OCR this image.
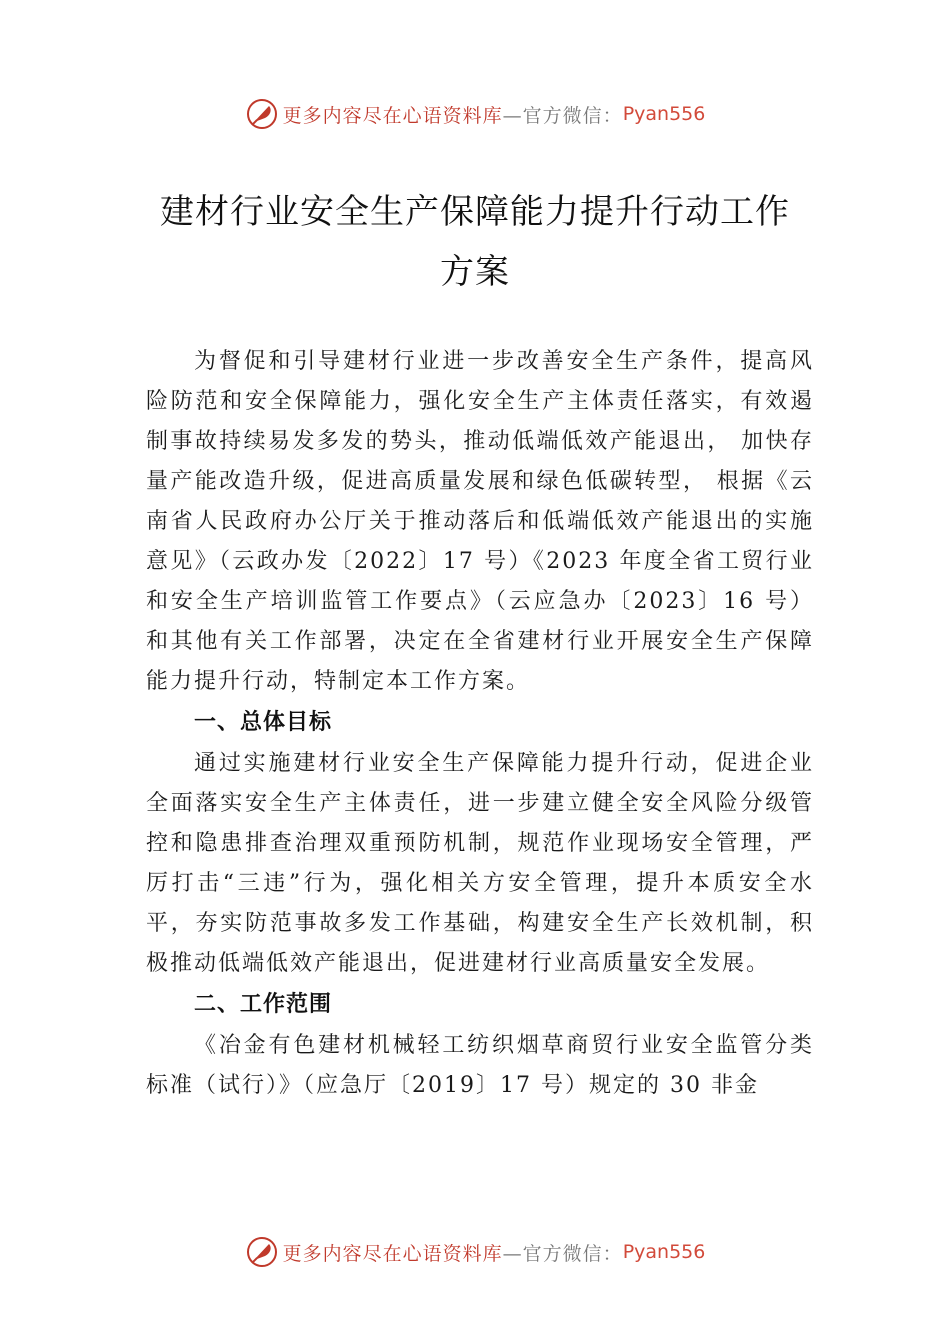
更多内容尽在心语资料库 —官方微信： Pyan556
建材行业安全生产保障能力提升行动工作
方案

为督促和引导建材行业进一步改善安全生产条件，提高风险防范和安全保障能力，强化安全生产主体责任落实，有效遏制事故持续易发多发的势头，推动低端低效产能退出， 加快存量产能改造升级，促进高质量发展和绿色低碳转型， 根据《云南省人民政府办公厅关于推动落后和低端低效产能退出的实施意见》（云政办发〔2022〕17 号）《2023 年度全省工贸行业和安全生产培训监管工作要点》（云应急办〔2023〕16 号）和其他有关工作部署，决定在全省建材行业开展安全生产保障能力提升行动，特制定本工作方案。

一、总体目标

通过实施建材行业安全生产保障能力提升行动，促进企业全面落实安全生产主体责任，进一步建立健全安全风险分级管控和隐患排查治理双重预防机制，规范作业现场安全管理，严厉打击“三违”行为，强化相关方安全管理，提升本质安全水平，夯实防范事故多发工作基础，构建安全生产长效机制，积极推动低端低效产能退出，促进建材行业高质量安全发展。

二、工作范围

《冶金有色建材机械轻工纺织烟草商贸行业安全监管分类标准（试行）》（应急厅〔2019〕17 号）规定的 30 非金

更多内容尽在心语资料库 —官方微信： Pyan556
